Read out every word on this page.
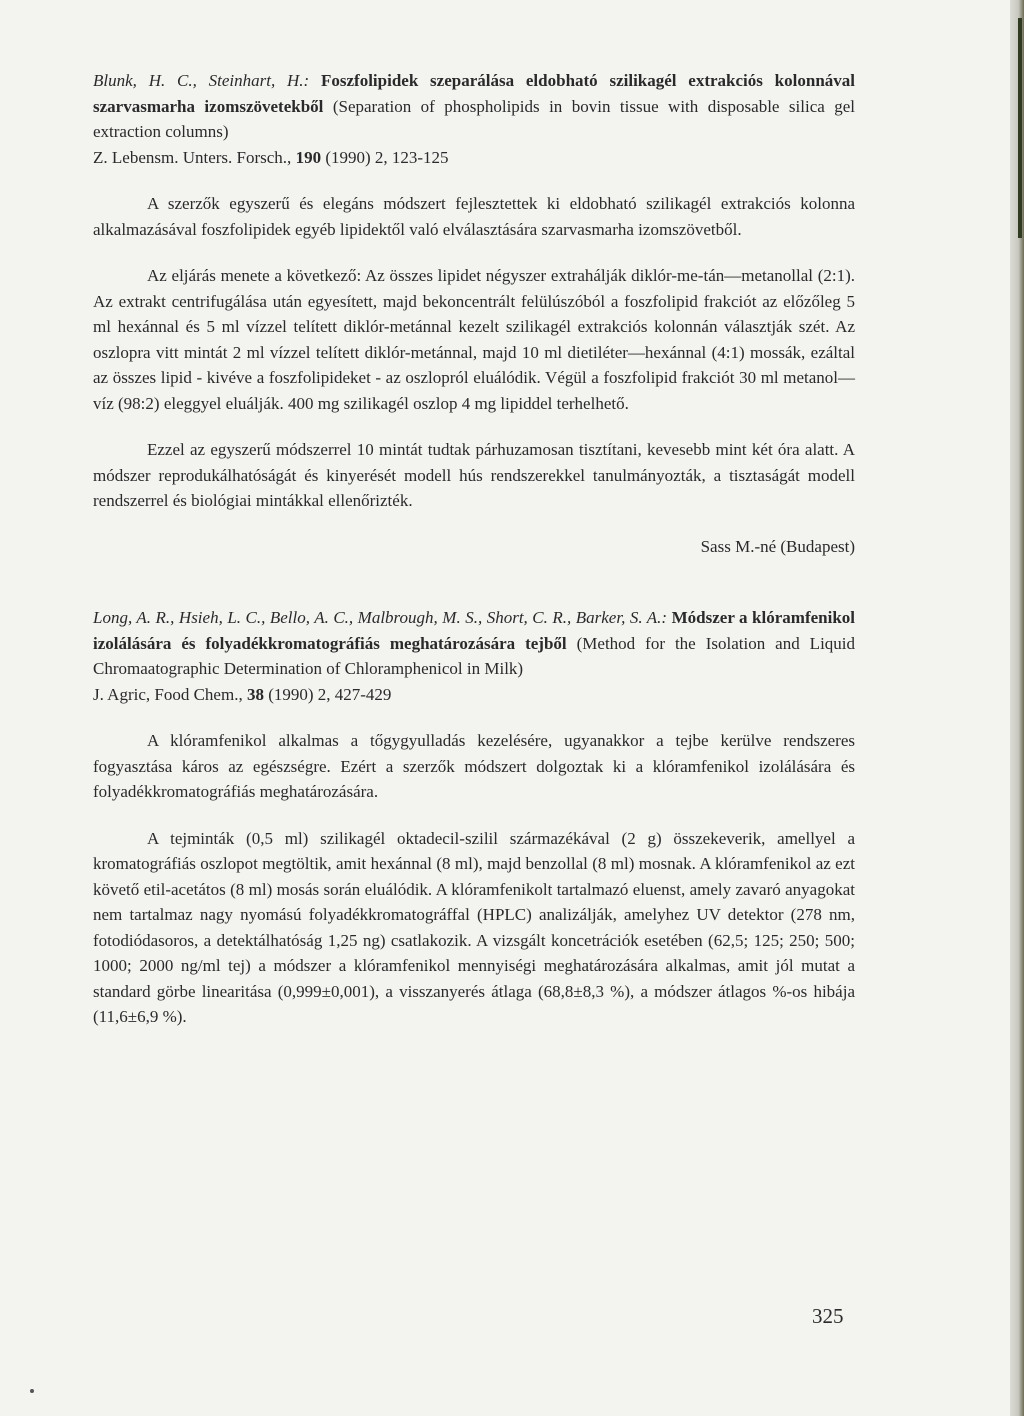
Blunk, H. C., Steinhart, H.: Foszfolipidek szeparálása eldobható szilikagél extrakciós kolonnával szarvasmarha izomszövetekből (Separation of phospholipids in bovin tissue with disposable silica gel extraction columns)
Z. Lebensm. Unters. Forsch., 190 (1990) 2, 123-125

A szerzők egyszerű és elegáns módszert fejlesztettek ki eldobható szilikagél extrakciós kolonna alkalmazásával foszfolipidek egyéb lipidektől való elválasztására szarvasmarha izomszövetből.

Az eljárás menete a következő: Az összes lipidet négyszer extrahálják diklór-me-tán—metanollal (2:1). Az extrakt centrifugálása után egyesített, majd bekoncentrált felülúszóból a foszfolipid frakciót az előzőleg 5 ml hexánnal és 5 ml vízzel telített diklór-metánnal kezelt szilikagél extrakciós kolonnán választják szét. Az oszlopra vitt mintát 2 ml vízzel telített diklór-metánnal, majd 10 ml dietiléter—hexánnal (4:1) mossák, ezáltal az összes lipid - kivéve a foszfolipideket - az oszlopról eluálódik. Végül a foszfolipid frakciót 30 ml metanol—víz (98:2) eleggyel eluálják. 400 mg szilikagél oszlop 4 mg lipiddel terhelhető.

Ezzel az egyszerű módszerrel 10 mintát tudtak párhuzamosan tisztítani, kevesebb mint két óra alatt. A módszer reprodukálhatóságát és kinyerését modell hús rendszerekkel tanulmányozták, a tisztaságát modell rendszerrel és biológiai mintákkal ellenőrizték.

Sass M.-né (Budapest)

Long, A. R., Hsieh, L. C., Bello, A. C., Malbrough, M. S., Short, C. R., Barker, S. A.: Módszer a klóramfenikol izolálására és folyadékkromatográfiás meghatározására tejből (Method for the Isolation and Liquid Chromaatographic Determination of Chloramphenicol in Milk)
J. Agric, Food Chem., 38 (1990) 2, 427-429

A klóramfenikol alkalmas a tőgygyulladás kezelésére, ugyanakkor a tejbe kerülve rendszeres fogyasztása káros az egészségre. Ezért a szerzők módszert dolgoztak ki a klóramfenikol izolálására és folyadékkromatográfiás meghatározására.

A tejminták (0,5 ml) szilikagél oktadecil-szilil származékával (2 g) összekeverik, amellyel a kromatográfiás oszlopot megtöltik, amit hexánnal (8 ml), majd benzollal (8 ml) mosnak. A klóramfenikol az ezt követő etil-acetátos (8 ml) mosás során eluálódik. A klóramfenikolt tartalmazó eluenst, amely zavaró anyagokat nem tartalmaz nagy nyomású folyadékkromatográffal (HPLC) analizálják, amelyhez UV detektor (278 nm, fotodiódasoros, a detektálhatóság 1,25 ng) csatlakozik. A vizsgált koncetrációk esetében (62,5; 125; 250; 500; 1000; 2000 ng/ml tej) a módszer a klóramfenikol mennyiségi meghatározására alkalmas, amit jól mutat a standard görbe linearitása (0,999±0,001), a visszanyerés átlaga (68,8±8,3 %), a módszer átlagos %-os hibája (11,6±6,9 %).

325
